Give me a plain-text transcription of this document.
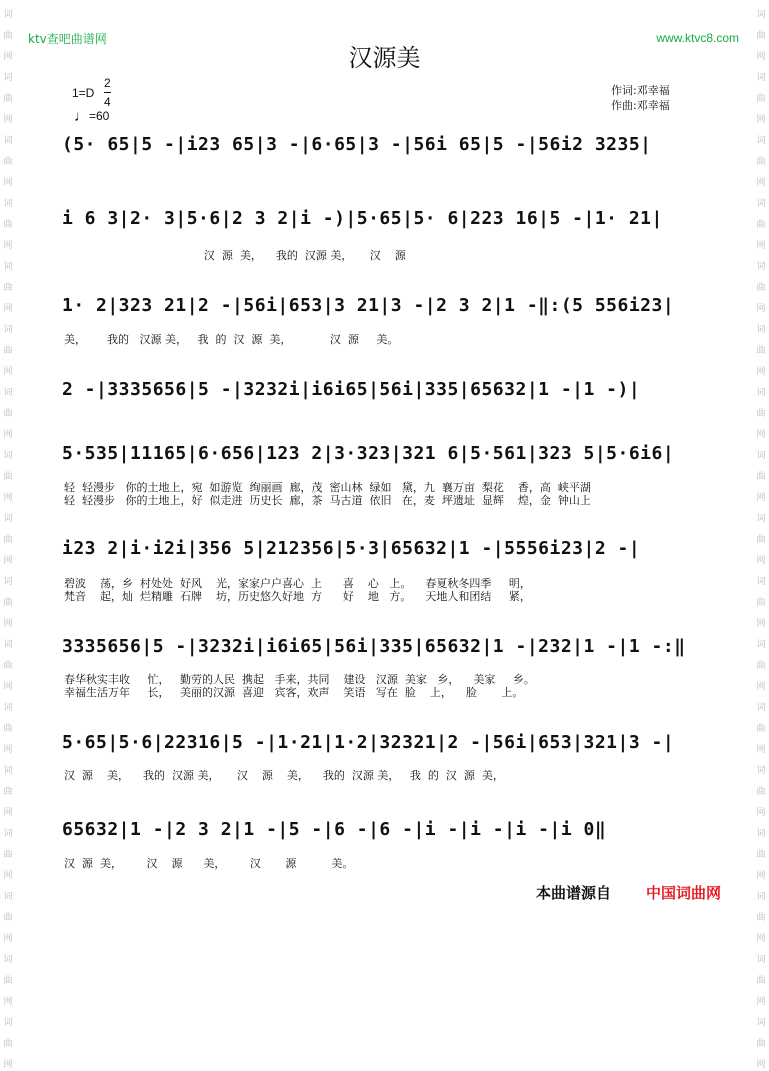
词
曲
网
词
曲
网
词
曲
网
词
曲
网
词
曲
网
词
曲
网
词
曲
网
词
曲
网
词
曲
网
词
曲
网
词
曲
网
词
曲
网
词
曲
网
词
曲
网
词
曲
网
词
曲
网
词
曲
网
词
曲
网
词
曲
网
词
曲
网
词
曲
网
词
曲
网
词
曲
网
词
曲
网
词
曲
网
词
曲
网
词
曲
网
词
曲
网
词
曲
网
词
曲
网
词
曲
网
词
曲
网
词
曲
网
词
曲
网
ktv查吧曲谱网	www.ktvc8.com
汉源美
作词:邓幸福
作曲:邓幸福
$1=D \frac{2}{4}$
♩=60
(5· 65|5 -|i23 65|3 -|6·65|3 -|56i 65|5 -|56i2 3235|
i 6 3|2· 3|5·6|2 3 2|i -)|5·65|5· 6|223 16|5 -|1· 21|
汉  源  美，    我的  汉源 美，     汉    源
1· 2|323 21|2 -|56i|653|3 21|3 -|2 3 2|1 -‖:(5 556i23|
美，      我的   汉源 美，   我  的  汉  源  美，           汉  源     美。
2 -|3335656|5 -|3232i|i6i65|56i|335|65632|1 -|1 -)|
5·535|11165|6·656|123 2|3·323|321 6|5·561|323 5|5·6i6|
轻  轻漫步   你的土地上，宛  如游览  绚丽画  廊，茂  密山林  绿如   黛，九  襄万亩  梨花    香，高  峡平湖
轻  轻漫步   你的土地上，好  似走进  历史长  廊，茶  马古道  依旧   在，麦  坪遗址  显辉    煌，金  钟山上
i23 2|i·i2i|356 5|212356|5·3|65632|1 -|5556i23|2 -|
碧波    荡，乡  村处处  好风    光，家家户户喜心  上      喜    心   上。    春夏秋冬四季     明，
梵音    起，灿  烂精雕  石牌    坊，历史悠久好地  方      好    地   方。    天地人和团结     紧，
3335656|5 -|3232i|i6i65|56i|335|65632|1 -|232|1 -|1 -:‖
春华秋实丰收     忙，   勤劳的人民  携起   手来，共同    建设   汉源  美家   乡，    美家     乡。
幸福生活万年     长，   美丽的汉源  喜迎   宾客，欢声    笑语   写在  脸    上，    脸       上。
5·65|5·6|22316|5 -|1·21|1·2|32321|2 -|56i|653|321|3 -|
汉  源    美，    我的  汉源 美，     汉    源    美，    我的  汉源 美，   我  的  汉  源  美，
65632|1 -|2 3 2|1 -|5 -|6 -|6 -|i -|i -|i -|i 0‖
汉  源  美，       汉    源      美，       汉       源          美。
本曲谱源自 中国词曲网
